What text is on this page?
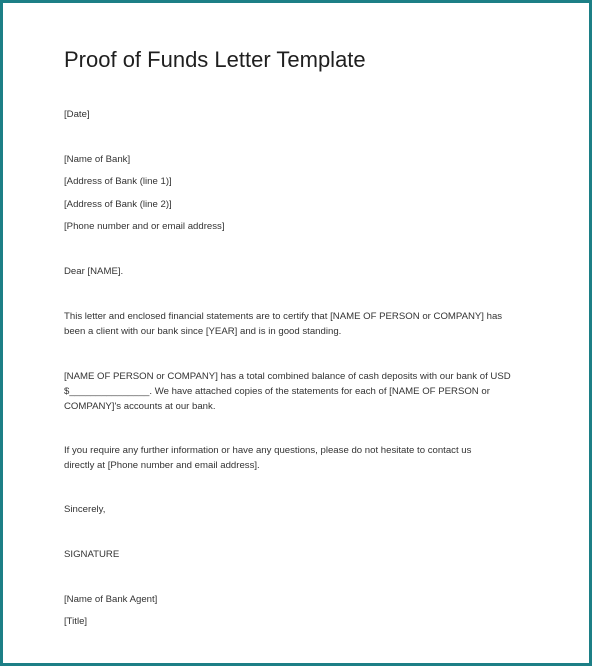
Proof of Funds Letter Template
[Date]
[Name of Bank]
[Address of Bank (line 1)]
[Address of Bank (line 2)]
[Phone number and or email address]
Dear [NAME].
This letter and enclosed financial statements are to certify that [NAME OF PERSON or COMPANY] has
been a client with our bank since [YEAR] and is in good standing.
[NAME OF PERSON or COMPANY] has a total combined balance of cash deposits with our bank of USD
$_______________. We have attached copies of the statements for each of [NAME OF PERSON or
COMPANY]'s accounts at our bank.
If you require any further information or have any questions, please do not hesitate to contact us
directly at [Phone number and email address].
Sincerely,
SIGNATURE
[Name of Bank Agent]
[Title]
